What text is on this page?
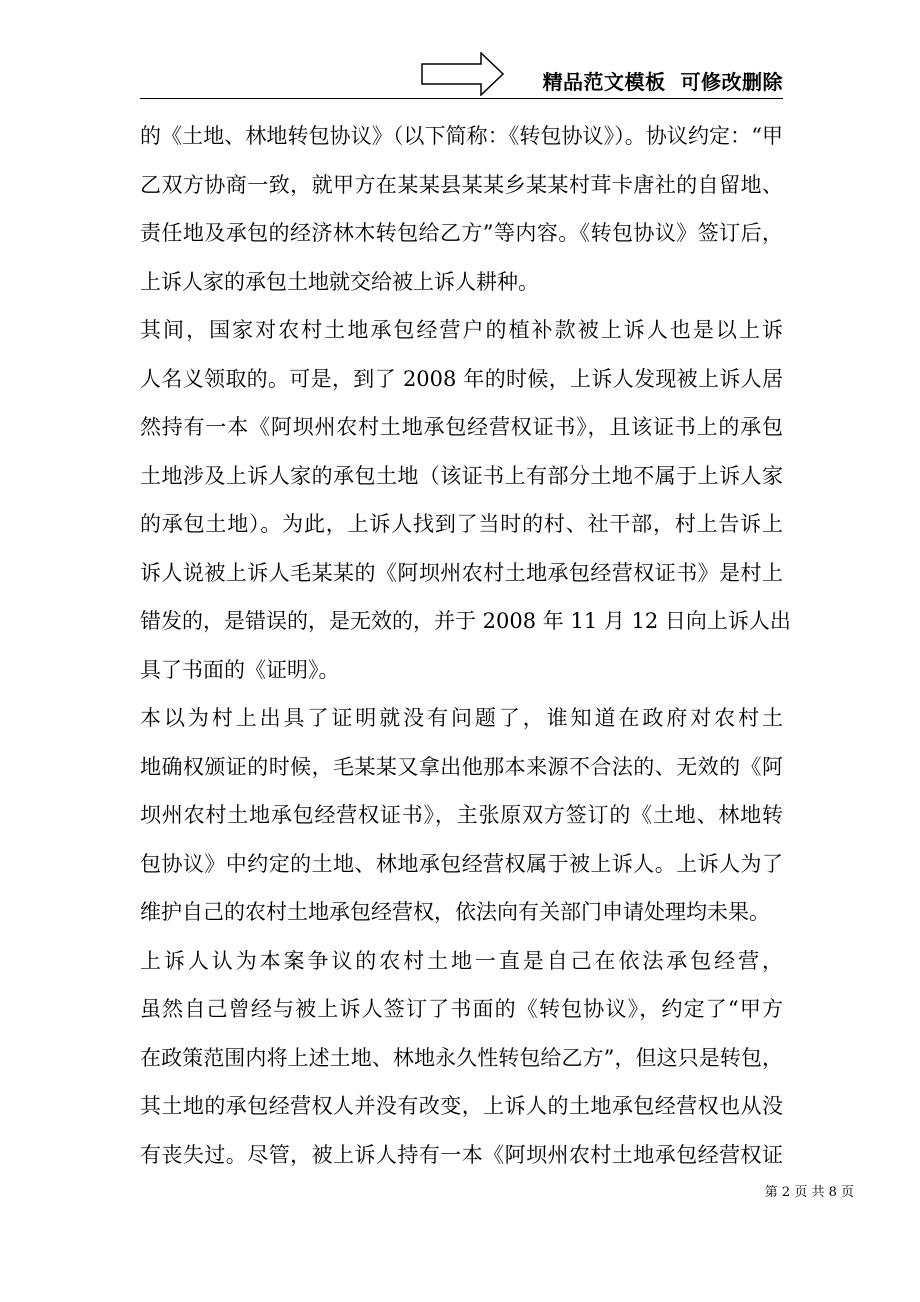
精品范文模板  可修改删除
的《土地、林地转包协议》（以下简称：《转包协议》）。协议约定：“甲
乙双方协商一致，就甲方在某某县某某乡某某村茸卡唐社的自留地、
责任地及承包的经济林木转包给乙方”等内容。《转包协议》签订后，
上诉人家的承包土地就交给被上诉人耕种。
其间，国家对农村土地承包经营户的植补款被上诉人也是以上诉
人名义领取的。可是，到了 2008 年的时候，上诉人发现被上诉人居
然持有一本《阿坝州农村土地承包经营权证书》，且该证书上的承包
土地涉及上诉人家的承包土地（该证书上有部分土地不属于上诉人家
的承包土地）。为此，上诉人找到了当时的村、社干部，村上告诉上
诉人说被上诉人毛某某的《阿坝州农村土地承包经营权证书》是村上
错发的，是错误的，是无效的，并于 2008 年 11 月 12 日向上诉人出
具了书面的《证明》。
本以为村上出具了证明就没有问题了，谁知道在政府对农村土
地确权颁证的时候，毛某某又拿出他那本来源不合法的、无效的《阿
坝州农村土地承包经营权证书》，主张原双方签订的《土地、林地转
包协议》中约定的土地、林地承包经营权属于被上诉人。上诉人为了
维护自己的农村土地承包经营权，依法向有关部门申请处理均未果。
上诉人认为本案争议的农村土地一直是自己在依法承包经营，
虽然自己曾经与被上诉人签订了书面的《转包协议》，约定了“甲方
在政策范围内将上述土地、林地永久性转包给乙方”，但这只是转包，
其土地的承包经营权人并没有改变，上诉人的土地承包经营权也从没
有丧失过。尽管，被上诉人持有一本《阿坝州农村土地承包经营权证
第 2 页 共 8 页
